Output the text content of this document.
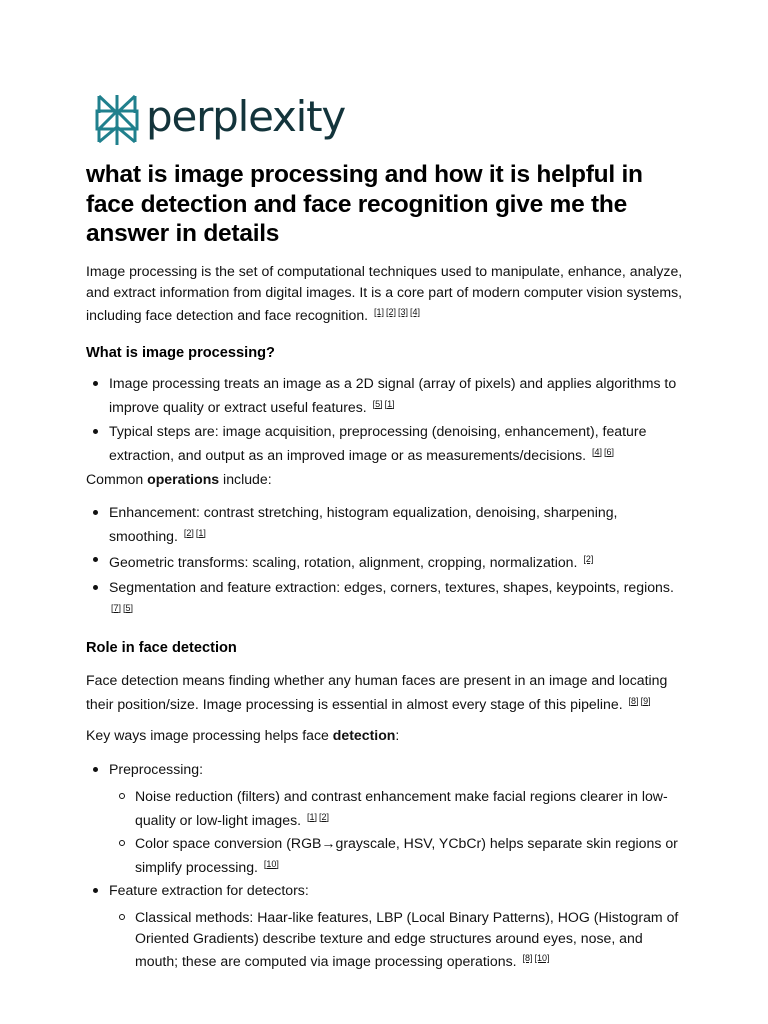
perplexity
what is image processing and how it is helpful in face detection and face recognition give me the answer in details
Image processing is the set of computational techniques used to manipulate, enhance, analyze, and extract information from digital images. It is a core part of modern computer vision systems, including face detection and face recognition. [1] [2] [3] [4]
What is image processing?
Image processing treats an image as a 2D signal (array of pixels) and applies algorithms to improve quality or extract useful features. [5] [1]
Typical steps are: image acquisition, preprocessing (denoising, enhancement), feature extraction, and output as an improved image or as measurements/decisions. [4] [6]
Common operations include:
Enhancement: contrast stretching, histogram equalization, denoising, sharpening, smoothing. [2] [1]
Geometric transforms: scaling, rotation, alignment, cropping, normalization. [2]
Segmentation and feature extraction: edges, corners, textures, shapes, keypoints, regions. [7] [5]
Role in face detection
Face detection means finding whether any human faces are present in an image and locating their position/size. Image processing is essential in almost every stage of this pipeline. [8] [9]
Key ways image processing helps face detection:
Preprocessing:
Noise reduction (filters) and contrast enhancement make facial regions clearer in low-quality or low-light images. [1] [2]
Color space conversion (RGB→grayscale, HSV, YCbCr) helps separate skin regions or simplify processing. [10]
Feature extraction for detectors:
Classical methods: Haar-like features, LBP (Local Binary Patterns), HOG (Histogram of Oriented Gradients) describe texture and edge structures around eyes, nose, and mouth; these are computed via image processing operations. [8] [10]
